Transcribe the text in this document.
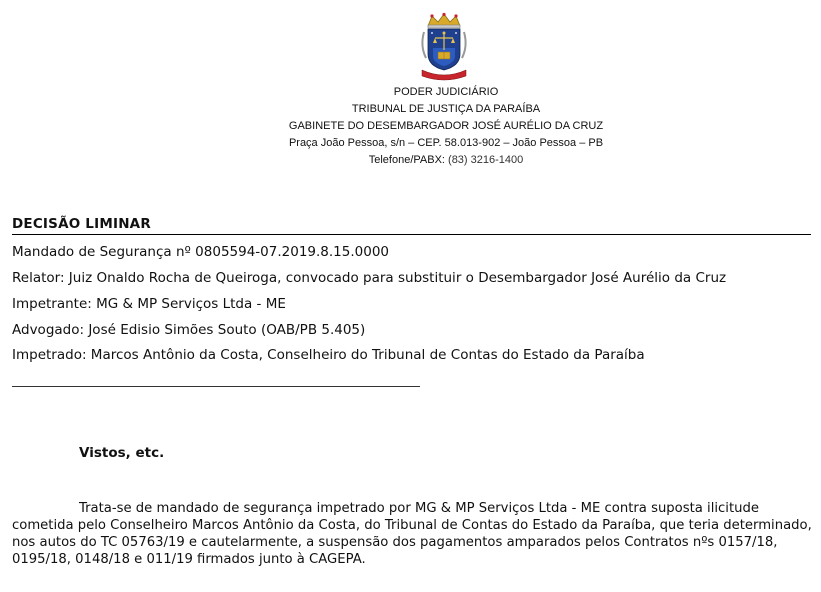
PODER JUDICIÁRIO
TRIBUNAL DE JUSTIÇA DA PARAÍBA
GABINETE DO DESEMBARGADOR JOSÉ AURÉLIO DA CRUZ
Praça João Pessoa, s/n – CEP. 58.013-902 – João Pessoa – PB
Telefone/PABX: (83) 3216-1400
DECISÃO LIMINAR
Mandado de Segurança nº 0805594-07.2019.8.15.0000
Relator: Juiz Onaldo Rocha de Queiroga, convocado para substituir o Desembargador José Aurélio da Cruz
Impetrante: MG & MP Serviços Ltda - ME
Advogado: José Edisio Simões Souto (OAB/PB 5.405)
Impetrado: Marcos Antônio da Costa, Conselheiro do Tribunal de Contas do Estado da Paraíba
Vistos, etc.

Trata-se de mandado de segurança impetrado por MG & MP Serviços Ltda - ME contra suposta ilicitude cometida pelo Conselheiro Marcos Antônio da Costa, do Tribunal de Contas do Estado da Paraíba, que teria determinado, nos autos do TC 05763/19 e cautelarmente, a suspensão dos pagamentos amparados pelos Contratos nºs 0157/18, 0195/18, 0148/18 e 011/19 firmados junto à CAGEPA.
